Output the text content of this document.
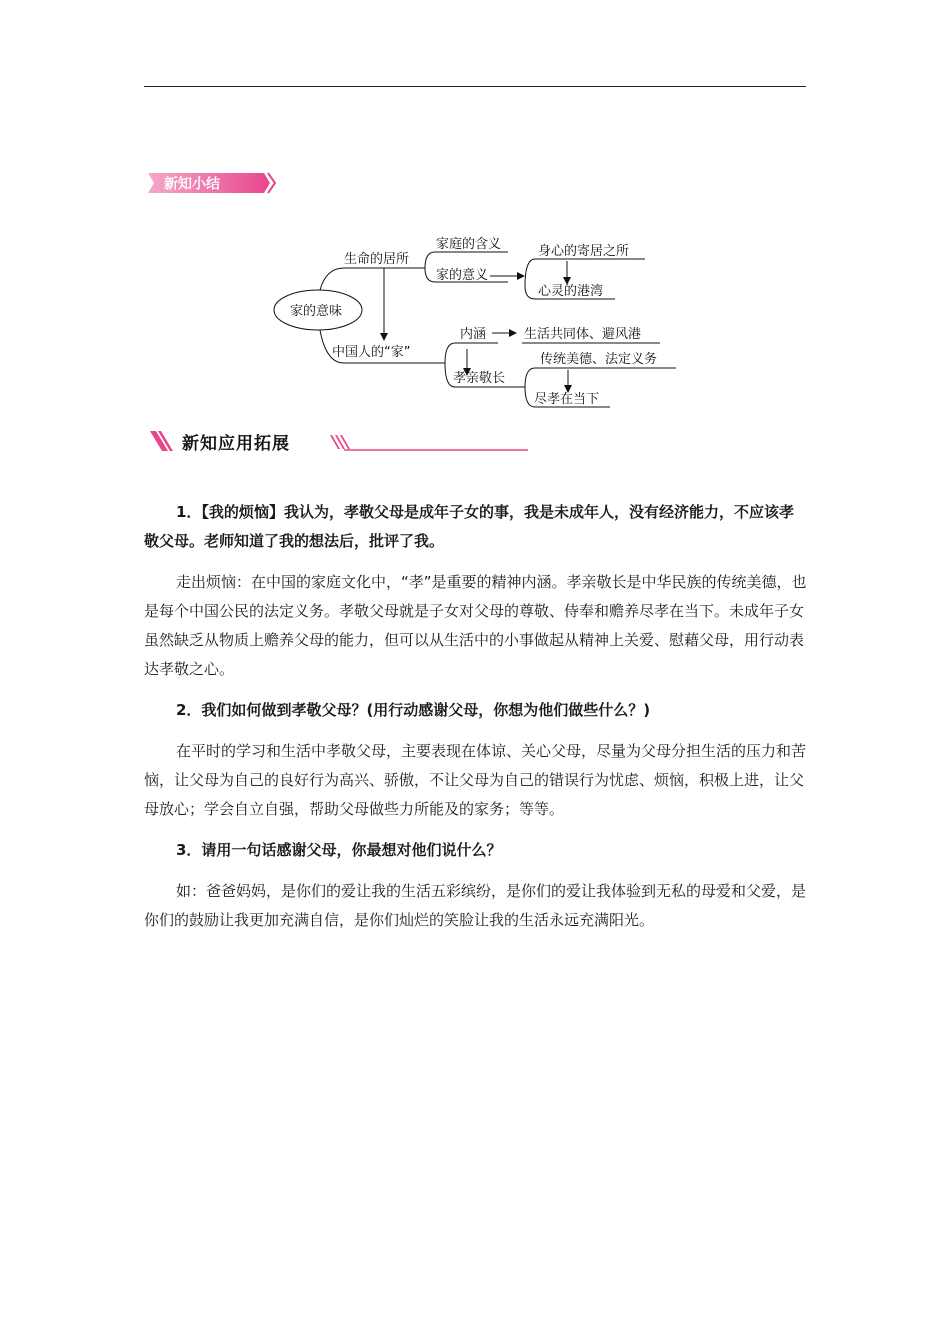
新知小结
家的意味
生命的居所
家庭的含义
家的意义
身心的寄居之所
心灵的港湾
中国人的“家”
内涵	生活共同体、避风港
孝亲敬长
传统美德、法定义务
尽孝在当下
新知应用拓展

1．【我的烦恼】我认为，孝敬父母是成年子女的事，我是未成年人，没有经济能力，不应该孝敬父母。老师知道了我的想法后，批评了我。

走出烦恼：在中国的家庭文化中，“孝”是重要的精神内涵。孝亲敬长是中华民族的传统美德，也是每个中国公民的法定义务。孝敬父母就是子女对父母的尊敬、侍奉和赡养尽孝在当下。未成年子女虽然缺乏从物质上赡养父母的能力，但可以从生活中的小事做起从精神上关爱、慰藉父母，用行动表达孝敬之心。

2．我们如何做到孝敬父母？(用行动感谢父母，你想为他们做些什么？)

在平时的学习和生活中孝敬父母，主要表现在体谅、关心父母，尽量为父母分担生活的压力和苦恼，让父母为自己的良好行为高兴、骄傲，不让父母为自己的错误行为忧虑、烦恼，积极上进，让父母放心；学会自立自强，帮助父母做些力所能及的家务；等等。

3．请用一句话感谢父母，你最想对他们说什么？

如：爸爸妈妈，是你们的爱让我的生活五彩缤纷，是你们的爱让我体验到无私的母爱和父爱，是你们的鼓励让我更加充满自信，是你们灿烂的笑脸让我的生活永远充满阳光。
